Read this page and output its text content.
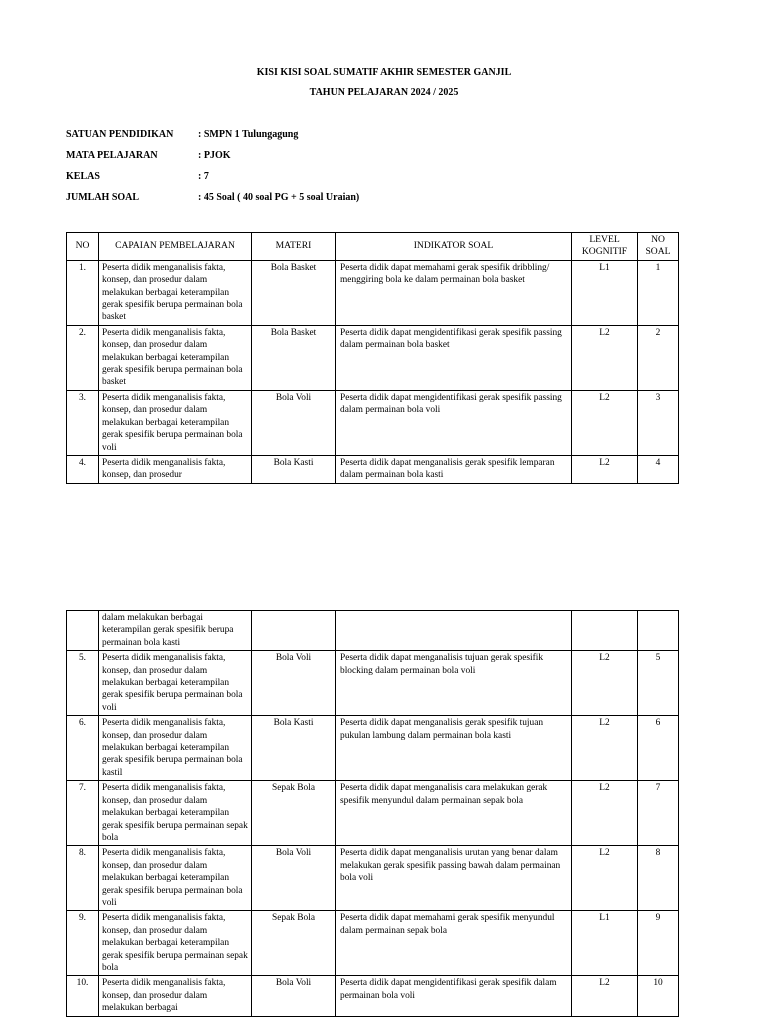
KISI KISI SOAL SUMATIF AKHIR SEMESTER GANJIL
TAHUN PELAJARAN 2024 / 2025
SATUAN PENDIDIKAN : SMPN 1 Tulungagung
MATA PELAJARAN	: PJOK
KELAS	: 7
JUMLAH SOAL	: 45 Soal ( 40 soal PG + 5 soal Uraian)
NO	CAPAIAN PEMBELAJARAN	MATERI	INDIKATOR SOAL	LEVEL KOGNITIF	NO SOAL
1.	Peserta didik menganalisis fakta, konsep, dan prosedur dalam melakukan berbagai keterampilan gerak spesifik berupa permainan bola basket	Bola Basket	Peserta didik dapat memahami gerak spesifik dribbling/ menggiring bola ke dalam permainan bola basket	L1	1
2.	Peserta didik menganalisis fakta, konsep, dan prosedur dalam melakukan berbagai keterampilan gerak spesifik berupa permainan bola basket	Bola Basket	Peserta didik dapat mengidentifikasi gerak spesifik passing dalam permainan bola basket	L2	2
3.	Peserta didik menganalisis fakta, konsep, dan prosedur dalam melakukan berbagai keterampilan gerak spesifik berupa permainan bola voli	Bola Voli	Peserta didik dapat mengidentifikasi gerak spesifik passing dalam permainan bola voli	L2	3
4.	Peserta didik menganalisis fakta, konsep, dan prosedur	Bola Kasti	Peserta didik dapat menganalisis gerak spesifik lemparan dalam permainan bola kasti	L2	4
	dalam melakukan berbagai keterampilan gerak spesifik berupa permainan bola kasti				
5.	Peserta didik menganalisis fakta, konsep, dan prosedur dalam melakukan berbagai keterampilan gerak spesifik berupa permainan bola voli	Bola Voli	Peserta didik dapat menganalisis tujuan gerak spesifik blocking dalam permainan bola voli	L2	5
6.	Peserta didik menganalisis fakta, konsep, dan prosedur dalam melakukan berbagai keterampilan gerak spesifik berupa permainan bola kastil	Bola Kasti	Peserta didik dapat menganalisis gerak spesifik tujuan pukulan lambung dalam permainan bola kasti	L2	6
7.	Peserta didik menganalisis fakta, konsep, dan prosedur dalam melakukan berbagai keterampilan gerak spesifik berupa permainan sepak bola	Sepak Bola	Peserta didik dapat menganalisis cara melakukan gerak spesifik menyundul dalam permainan sepak bola	L2	7
8.	Peserta didik menganalisis fakta, konsep, dan prosedur dalam melakukan berbagai keterampilan gerak spesifik berupa permainan bola voli	Bola Voli	Peserta didik dapat menganalisis urutan yang benar dalam melakukan gerak spesifik passing bawah dalam permainan bola voli	L2	8
9.	Peserta didik menganalisis fakta, konsep, dan prosedur dalam melakukan berbagai keterampilan gerak spesifik berupa permainan sepak bola	Sepak Bola	Peserta didik dapat memahami gerak spesifik menyundul dalam permainan sepak bola	L1	9
10.	Peserta didik menganalisis fakta, konsep, dan prosedur dalam melakukan berbagai	Bola Voli	Peserta didik dapat mengidentifikasi gerak spesifik dalam permainan bola voli	L2	10
